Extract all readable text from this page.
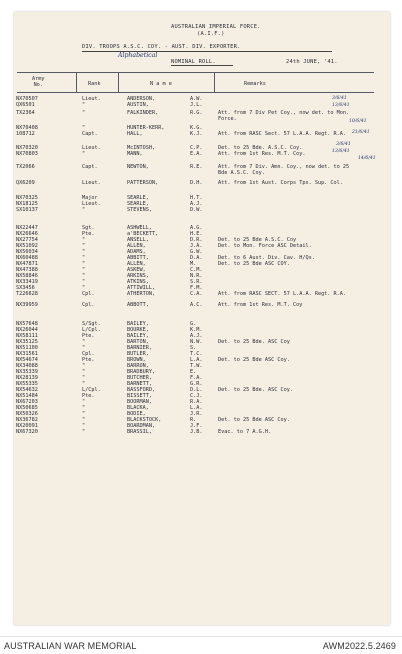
AUSTRALIAN IMPERIAL FORCE.
(A.I.F.)
DIV. TROOPS A.S.C. COY. - AUST. DIV. EXPORTER.
Alphabetical
NOMINAL ROLL.	24th JUNE, '41.
Army
No.	Rank	N a m e	Remarks
NX70507	Lieut.	ANDERSON,	A.W.
QX6501	"	AUSTIN,	J.L.
TX2364	"	FALKINDER,	R.G.	Att. from 7 Div Pet Coy., now det. to Mon. Force.
NX70408	"	HUNTER-KERR,	K.G.
108712	Capt.	HALL,	K.J.	Att. from RASC Sect. 57 L.A.A. Regt. R.A.
NX70320	Lieut.	McINTOSH,	C.P.	Det. to 25 Bde. A.S.C. Coy.
NX70803	"	MANN,	E.A.	Att. from 1st Res. M.T. Coy.
TX2066	Capt.	NEWTON,	R.E.	Att. from 7 Div. Amn. Coy., now det. to 25 Bde A.S.C. Coy.
QX6209	Lieut.	PATTERSON,	D.H.	Att. from 1st Aust. Corps Tps. Sup. Col.
NX70325	Major	SEARLE,	H.T.
NX18125	Lieut.	SEARLE,	A.J.
SX10137	"	STEVENS,	D.W.
NX22447	Sgt.	ASHWELL,	A.G.
NX26646	Pte.	a'BECKETT,	H.E.
NX27754	"	ANSELL,	D.R.	Det. to 25 Bde A.S.C. Coy
NX51092	"	ALLEN,	J.A.	Det. to Mon. Force ASC Detail.
NX56034	"	ADAMS,	G.W.
NX60488	"	ABBITT,	D.A.	Det. to 6 Aust. Div. Cav. H/Qs.
NX47871	"	ALLEN,	M.	Det. to 25 Bde ASC COY.
NX47388	"	ASKEW,	C.M.
NX58846	"	ARKINS,	N.R.
NX33419	"	ATKINS,	S.R.
SX3456	"	ATTIWILL,	F.M.
T226628	Cpl.	ATHERTON,	C.A.	Att. from RASC SECT. 57 L.A.A. Regt. R.A.
NX39959	Cpl.	ABBOTT,	A.C.	Att. from 1st Res. M.T. Coy
NX57648	S/Sgt.	BAILEY,	G.
NX26044	L/Cpl.	BOURKE,	K.M.
NX58111	Pte.	BAILEY,	A.J.
NX35125	"	BARTON,	N.W.	Det. to 25 Bde. ASC Coy
NX51100	"	BARNIER,	S.
NX31561	Cpl.	BUTLER,	T.C.
NX54674	Pte.	BROWN,	L.A.	Det. to 25 Bde ASC Coy.
NX34088	"	BARRON,	T.W.
NX35339	"	BRADBURY,	E.
NX28139	"	BUTCHER,	F.A.
NX55335	"	BARNETT,	G.R.
NX54632	L/Cpl.	BASSFORD,	D.L.	Det. to 25 Bde. ASC Coy.
NX51484	Pte.	BISSETT,	C.J.
NX67203	"	BOORMAN,	R.A.
NX50685	"	BLACKA,	L.A.
NX50326	"	BODIE,	J.R.
NX36782	"	BLACKSTOCK,	R.	Det. to 25 Bde ASC Coy.
NX20091	"	BOARDMAN,	J.F.
NX67320	"	BRASSIL,	J.B.	Evac. to 7 A.G.H.
3/6/41
13/6/41
10/6/41
21/6/41
3/6/41
13/6/41
14/6/41
AUSTRALIAN WAR MEMORIAL	AWM2022.5.2469
